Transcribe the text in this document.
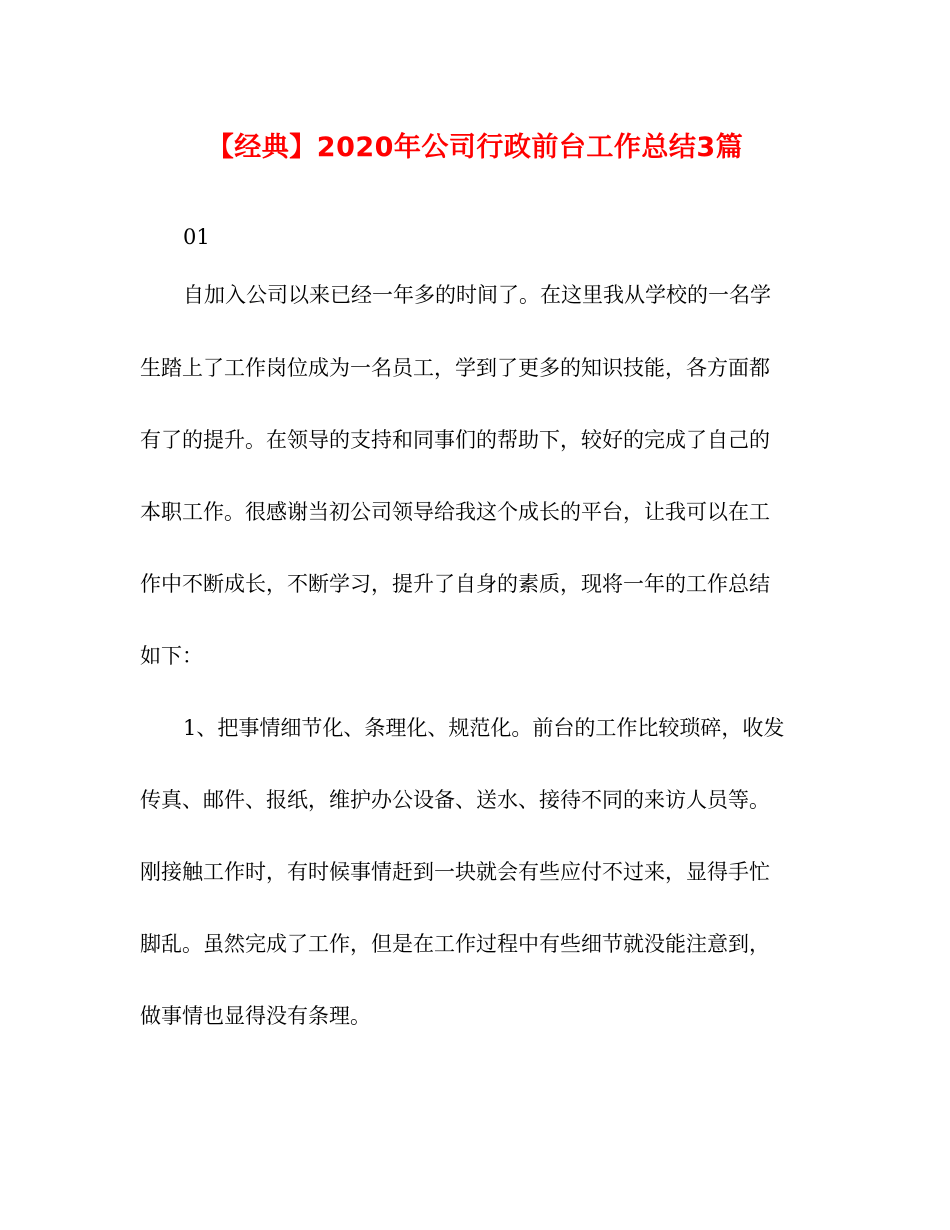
【经典】2020年公司行政前台工作总结3篇

01

自加入公司以来已经一年多的时间了。在这里我从学校的一名学

生踏上了工作岗位成为一名员工，学到了更多的知识技能，各方面都

有了的提升。在领导的支持和同事们的帮助下，较好的完成了自己的

本职工作。很感谢当初公司领导给我这个成长的平台，让我可以在工

作中不断成长，不断学习，提升了自身的素质，现将一年的工作总结

如下：

1、把事情细节化、条理化、规范化。前台的工作比较琐碎，收发

传真、邮件、报纸，维护办公设备、送水、接待不同的来访人员等。

刚接触工作时，有时候事情赶到一块就会有些应付不过来，显得手忙

脚乱。虽然完成了工作，但是在工作过程中有些细节就没能注意到，

做事情也显得没有条理。
